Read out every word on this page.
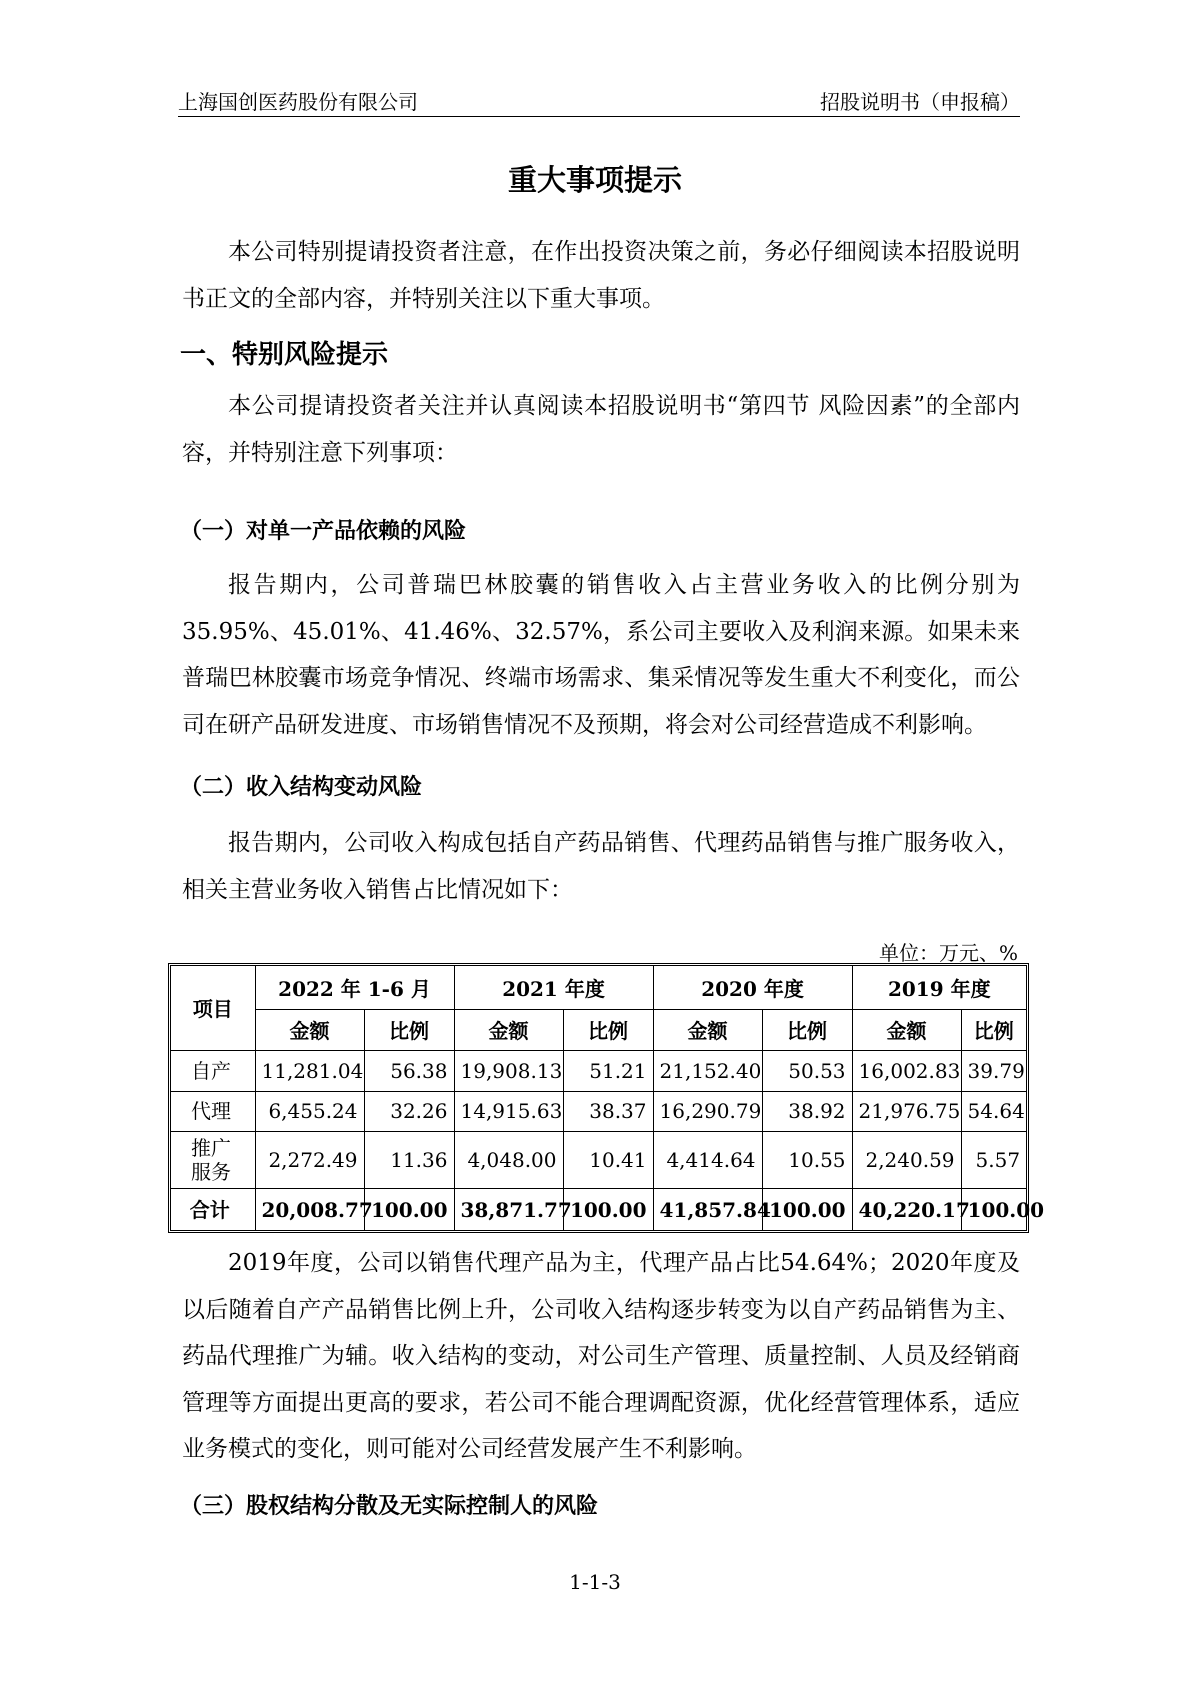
上海国创医药股份有限公司	招股说明书（申报稿）
重大事项提示

本公司特别提请投资者注意，在作出投资决策之前，务必仔细阅读本招股说明书正文的全部内容，并特别关注以下重大事项。

一、特别风险提示

本公司提请投资者关注并认真阅读本招股说明书“第四节 风险因素”的全部内容，并特别注意下列事项：

（一）对单一产品依赖的风险

报告期内，公司普瑞巴林胶囊的销售收入占主营业务收入的比例分别为35.95%、45.01%、41.46%、32.57%，系公司主要收入及利润来源。如果未来普瑞巴林胶囊市场竞争情况、终端市场需求、集采情况等发生重大不利变化，而公司在研产品研发进度、市场销售情况不及预期，将会对公司经营造成不利影响。

（二）收入结构变动风险

报告期内，公司收入构成包括自产药品销售、代理药品销售与推广服务收入，相关主营业务收入销售占比情况如下：

单位：万元、%
项目	2022 年 1-6 月		2021 年度		2020 年度		2019 年度	
	金额	比例	金额	比例	金额	比例	金额	比例
自产	11,281.04	56.38	19,908.13	51.21	21,152.40	50.53	16,002.83	39.79
代理	6,455.24	32.26	14,915.63	38.37	16,290.79	38.92	21,976.75	54.64
推广服务	2,272.49	11.36	4,048.00	10.41	4,414.64	10.55	2,240.59	5.57
合计	20,008.77	100.00	38,871.77	100.00	41,857.84	100.00	40,220.17	100.00

2019年度，公司以销售代理产品为主，代理产品占比54.64%；2020年度及以后随着自产产品销售比例上升，公司收入结构逐步转变为以自产药品销售为主、药品代理推广为辅。收入结构的变动，对公司生产管理、质量控制、人员及经销商管理等方面提出更高的要求，若公司不能合理调配资源，优化经营管理体系，适应业务模式的变化，则可能对公司经营发展产生不利影响。

（三）股权结构分散及无实际控制人的风险
1-1-3
